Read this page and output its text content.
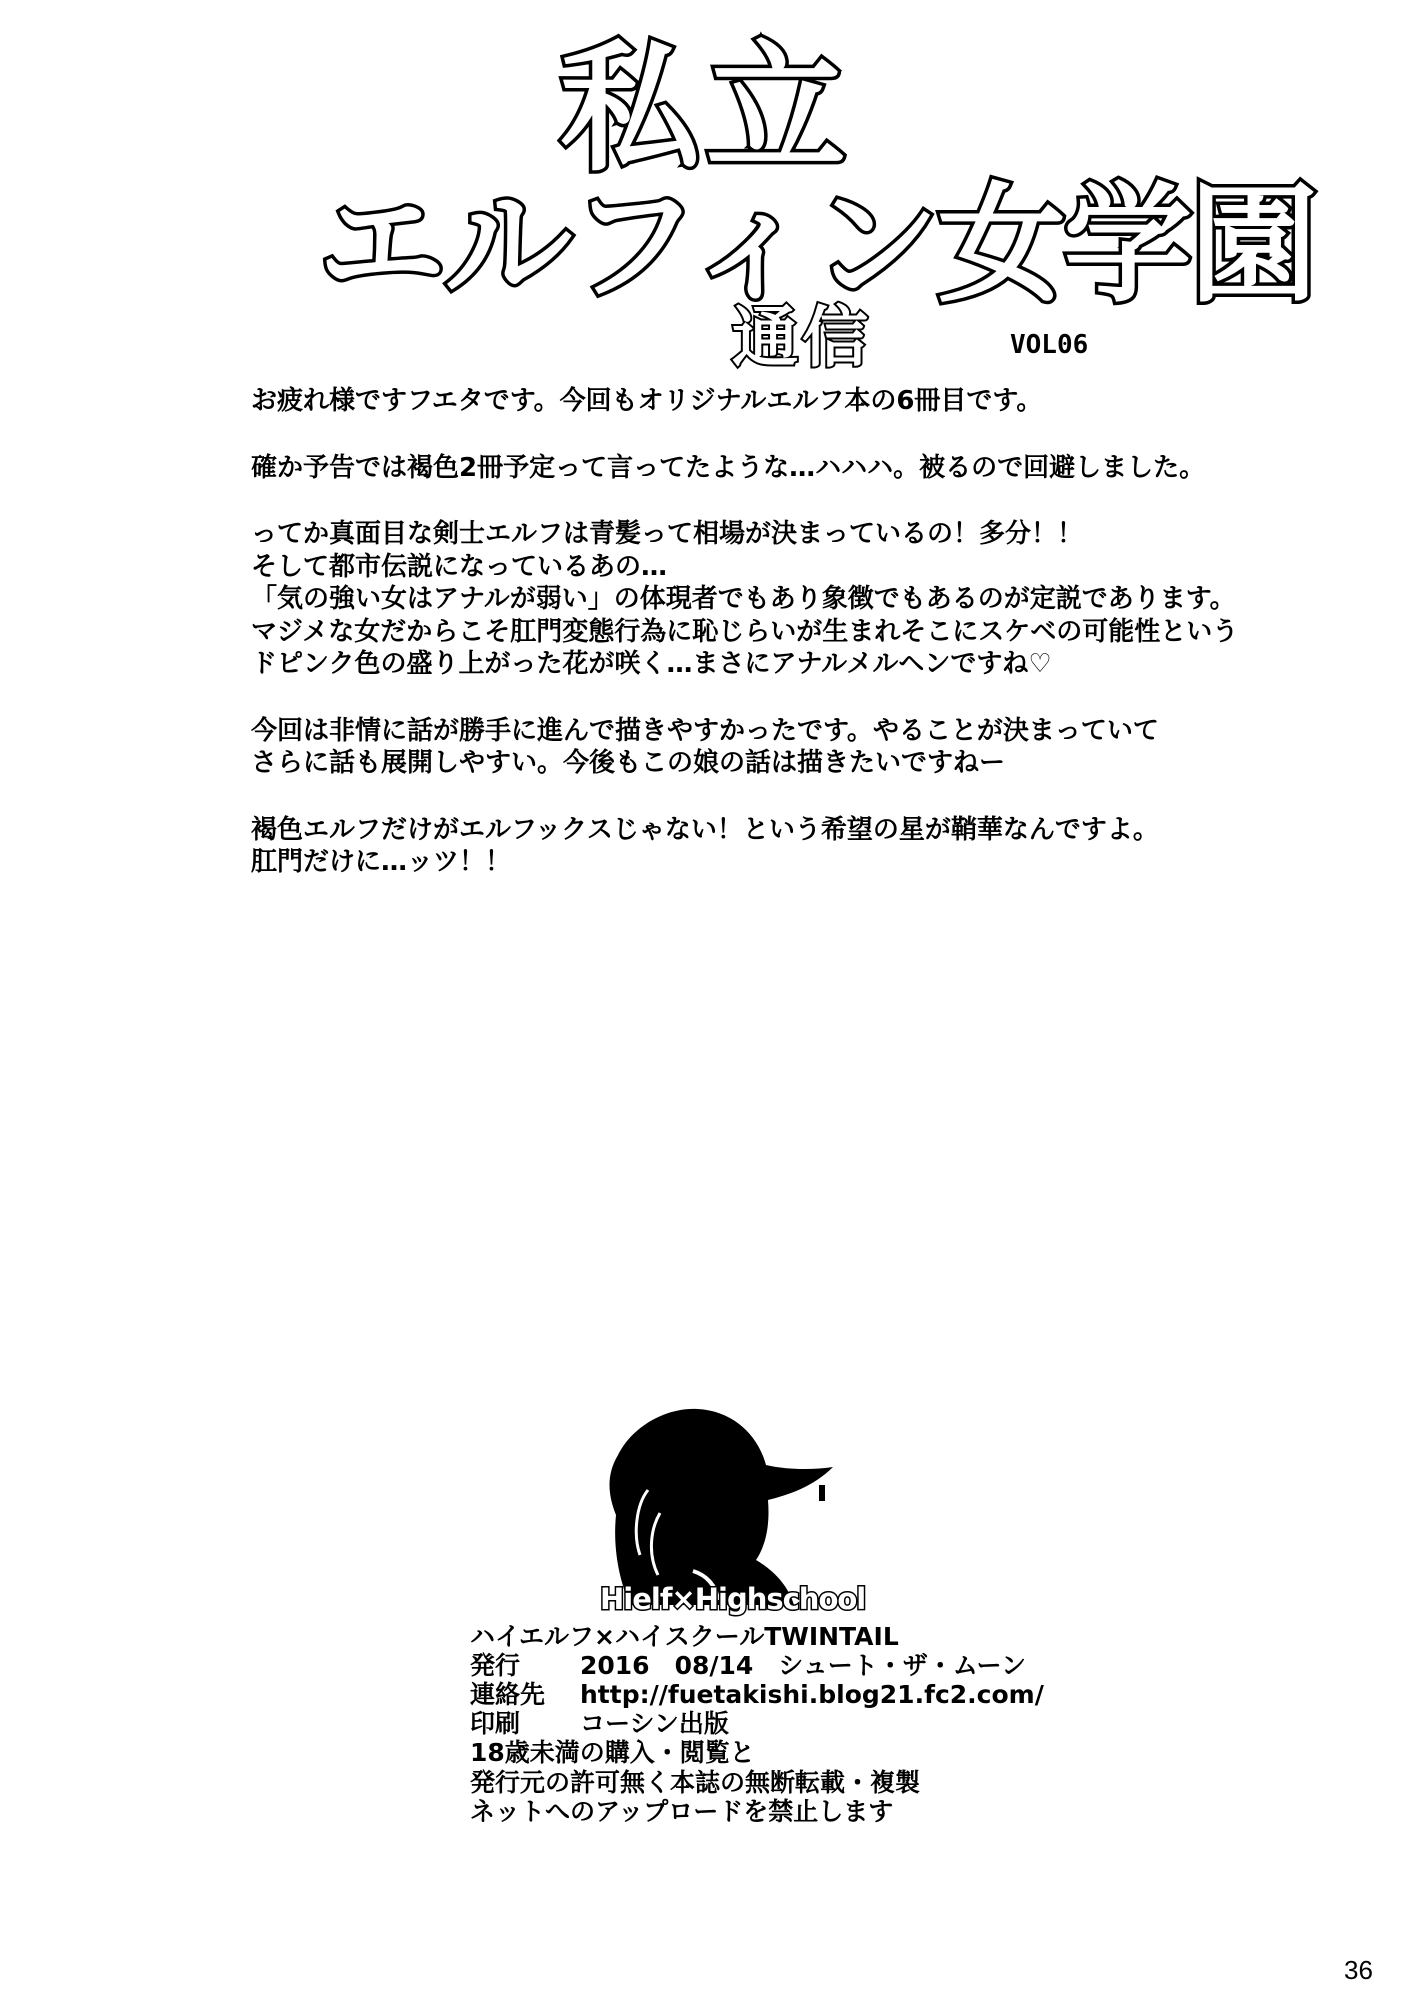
私立
エルフィン女学園
通信	VOL06

お疲れ様ですフエタです。今回もオリジナルエルフ本の6冊目です。

確か予告では褐色2冊予定って言ってたような…ハハハ。被るので回避しました。

ってか真面目な剣士エルフは青髪って相場が決まっているの！多分！！
そして都市伝説になっているあの…
「気の強い女はアナルが弱い」の体現者でもあり象徴でもあるのが定説であります。
マジメな女だからこそ肛門変態行為に恥じらいが生まれそこにスケベの可能性という
ドピンク色の盛り上がった花が咲く…まさにアナルメルヘンですね♡

今回は非情に話が勝手に進んで描きやすかったです。やることが決まっていて
さらに話も展開しやすい。今後もこの娘の話は描きたいですねー

褐色エルフだけがエルフックスじゃない！という希望の星が鞘華なんですよ。
肛門だけに…ッツ！！

Hielf×Highschool
ハイエルフ×ハイスクールTWINTAIL
発行 2016　08/14　シュート・ザ・ムーン
連絡先 http://fuetakishi.blog21.fc2.com/
印刷 コーシン出版
18歳未満の購入・閲覧と
発行元の許可無く本誌の無断転載・複製
ネットへのアップロードを禁止します
36
